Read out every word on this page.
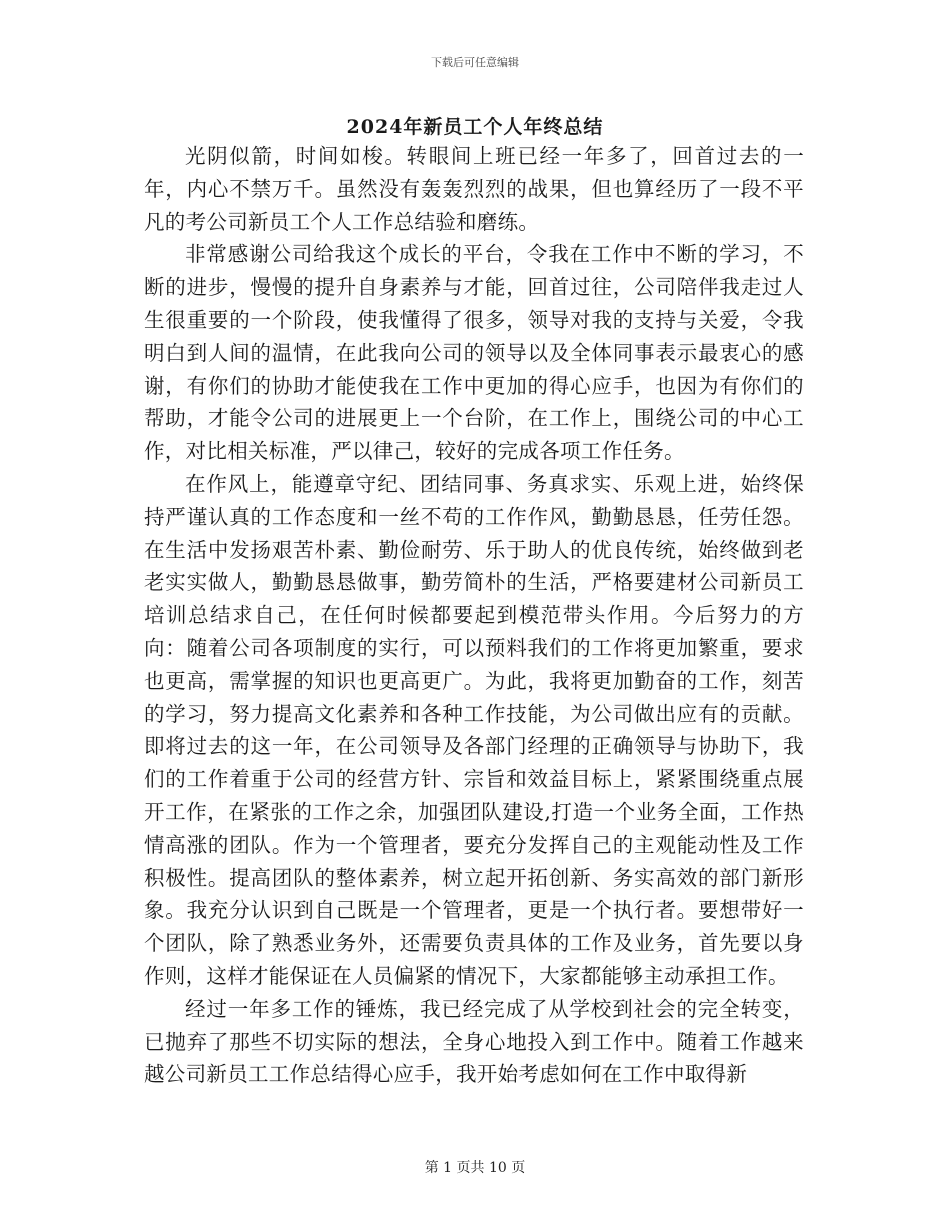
下载后可任意编辑
2024年新员工个人年终总结

光阴似箭，时间如梭。转眼间上班已经一年多了，回首过去的一年，内心不禁万千。虽然没有轰轰烈烈的战果，但也算经历了一段不平凡的考公司新员工个人工作总结验和磨练。

非常感谢公司给我这个成长的平台，令我在工作中不断的学习，不断的进步，慢慢的提升自身素养与才能，回首过往，公司陪伴我走过人生很重要的一个阶段，使我懂得了很多，领导对我的支持与关爱，令我明白到人间的温情，在此我向公司的领导以及全体同事表示最衷心的感谢，有你们的协助才能使我在工作中更加的得心应手，也因为有你们的帮助，才能令公司的进展更上一个台阶，在工作上，围绕公司的中心工作，对比相关标准，严以律己，较好的完成各项工作任务。

在作风上，能遵章守纪、团结同事、务真求实、乐观上进，始终保持严谨认真的工作态度和一丝不苟的工作作风，勤勤恳恳，任劳任怨。在生活中发扬艰苦朴素、勤俭耐劳、乐于助人的优良传统，始终做到老老实实做人，勤勤恳恳做事，勤劳简朴的生活，严格要建材公司新员工培训总结求自己，在任何时候都要起到模范带头作用。今后努力的方向：随着公司各项制度的实行，可以预料我们的工作将更加繁重，要求也更高，需掌握的知识也更高更广。为此，我将更加勤奋的工作，刻苦的学习，努力提高文化素养和各种工作技能，为公司做出应有的贡献。即将过去的这一年，在公司领导及各部门经理的正确领导与协助下，我们的工作着重于公司的经营方针、宗旨和效益目标上，紧紧围绕重点展开工作，在紧张的工作之余，加强团队建设,打造一个业务全面，工作热情高涨的团队。作为一个管理者，要充分发挥自己的主观能动性及工作积极性。提高团队的整体素养，树立起开拓创新、务实高效的部门新形象。我充分认识到自己既是一个管理者，更是一个执行者。要想带好一个团队，除了熟悉业务外，还需要负责具体的工作及业务，首先要以身作则，这样才能保证在人员偏紧的情况下，大家都能够主动承担工作。

经过一年多工作的锤炼，我已经完成了从学校到社会的完全转变，已抛弃了那些不切实际的想法，全身心地投入到工作中。随着工作越来越公司新员工工作总结得心应手，我开始考虑如何在工作中取得新

第 1 页共 10 页
